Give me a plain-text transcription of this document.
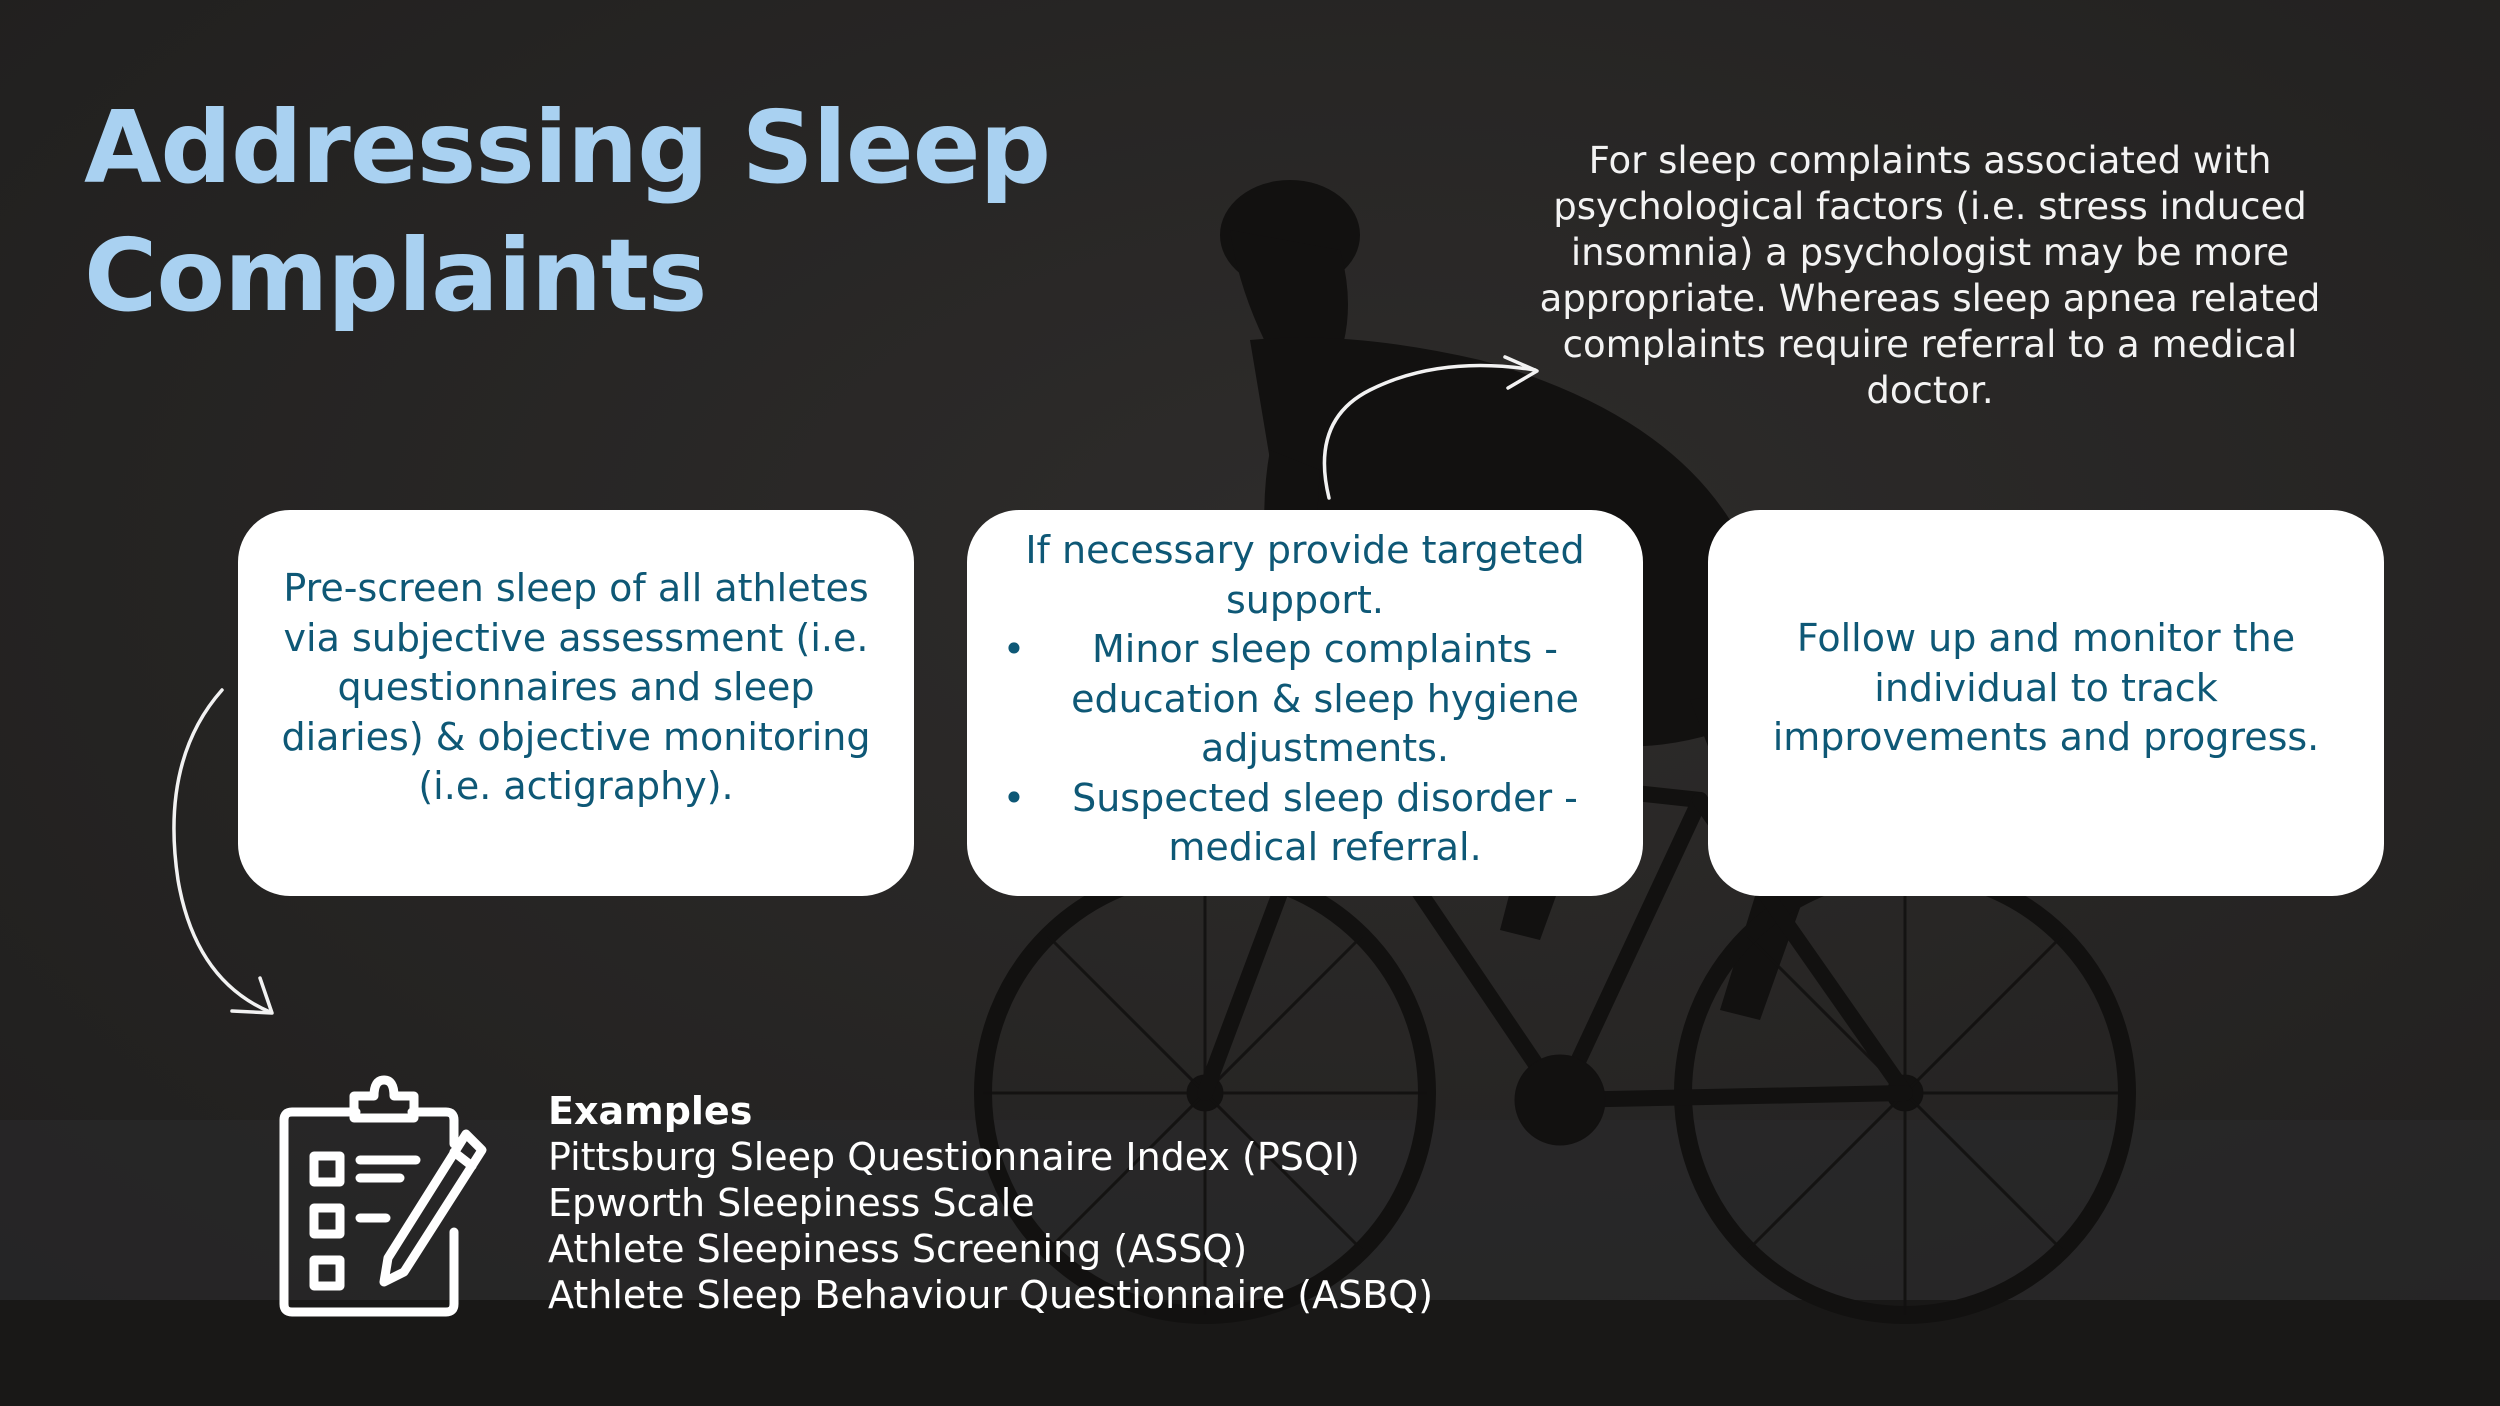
Addressing Sleep
Complaints
For sleep complaints associated with
psychological factors (i.e. stress induced
insomnia) a psychologist may be more
appropriate. Whereas sleep apnea related
complaints require referral to a medical
doctor.
Pre-screen sleep of all athletes
via subjective assessment (i.e.
questionnaires and sleep
diaries) & objective monitoring
(i.e. actigraphy).
If necessary provide targeted
support.
•	Minor sleep complaints -
education & sleep hygiene
adjustments.
•	Suspected sleep disorder -
medical referral.
Follow up and monitor the
individual to track
improvements and progress.
Examples
Pittsburg Sleep Questionnaire Index (PSQI)
Epworth Sleepiness Scale
Athlete Sleepiness Screening (ASSQ)
Athlete Sleep Behaviour Questionnaire (ASBQ)
